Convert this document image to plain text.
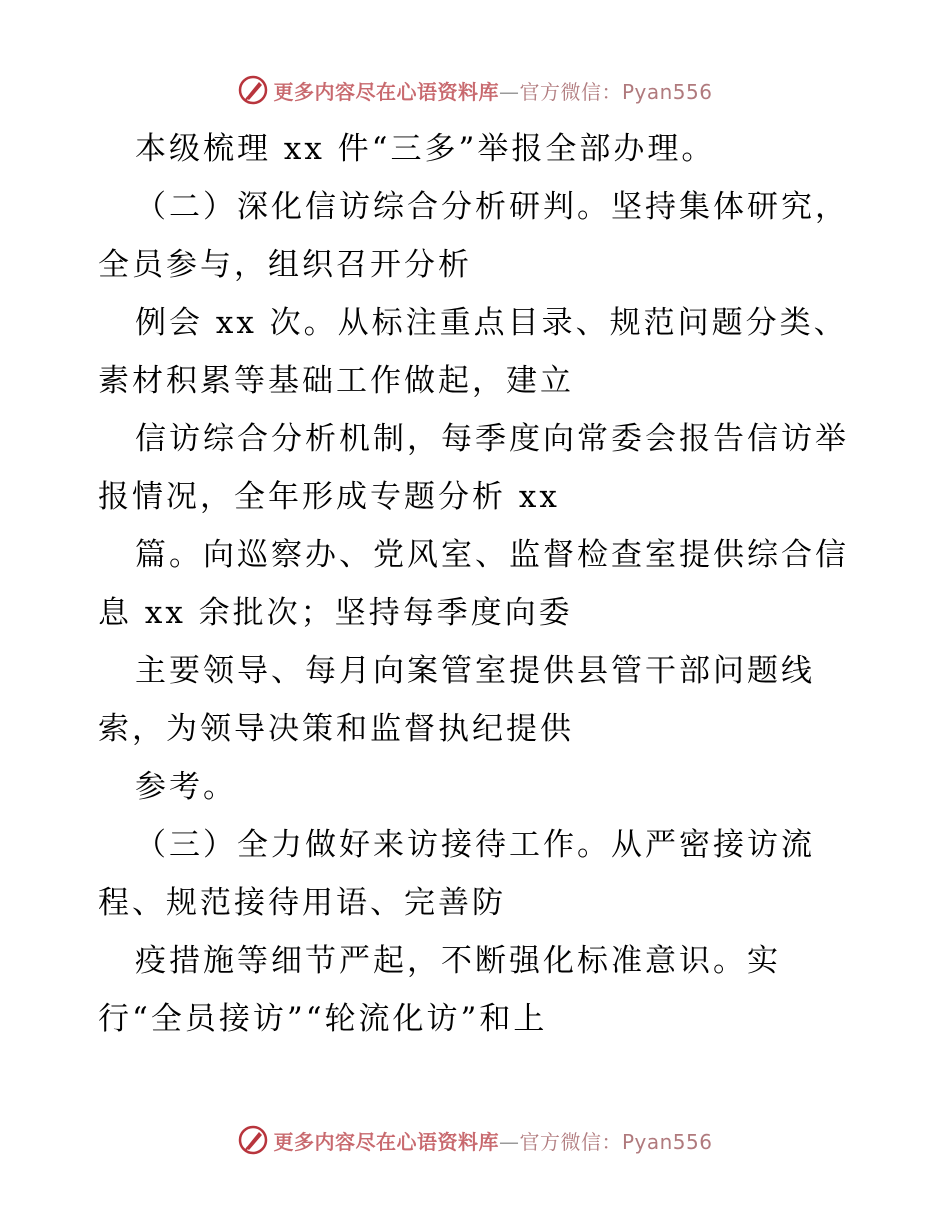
更多内容尽在心语资料库—官方微信：Pyan556
本级梳理 xx 件“三多”举报全部办理。
（二）深化信访综合分析研判。坚持集体研究，
全员参与，组织召开分析
例会 xx 次。从标注重点目录、规范问题分类、
素材积累等基础工作做起，建立
信访综合分析机制，每季度向常委会报告信访举
报情况，全年形成专题分析 xx
篇。向巡察办、党风室、监督检查室提供综合信
息 xx 余批次；坚持每季度向委
主要领导、每月向案管室提供县管干部问题线
索，为领导决策和监督执纪提供
参考。
（三）全力做好来访接待工作。从严密接访流
程、规范接待用语、完善防
疫措施等细节严起，不断强化标准意识。实
行“全员接访”“轮流化访”和上
更多内容尽在心语资料库—官方微信：Pyan556
